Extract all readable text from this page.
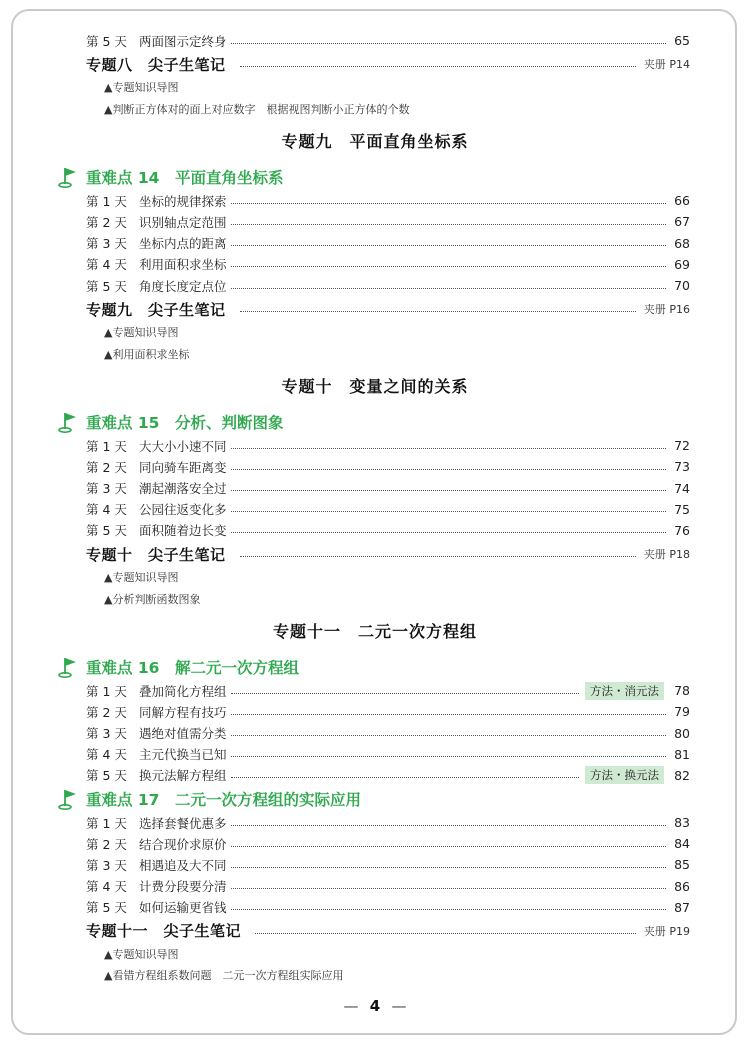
第 5 天 两面图示定终身	65
专题八　尖子生笔记	夹册 P14
▲专题知识导图
▲判断正方体对的面上对应数字　根据视图判断小正方体的个数
专题九　平面直角坐标系
重难点 14　平面直角坐标系
第 1 天 坐标的规律探索	66
第 2 天 识别轴点定范围	67
第 3 天 坐标内点的距离	68
第 4 天 利用面积求坐标	69
第 5 天 角度长度定点位	70
专题九　尖子生笔记	夹册 P16
▲专题知识导图
▲利用面积求坐标
专题十　变量之间的关系
重难点 15　分析、判断图象
第 1 天 大大小小速不同	72
第 2 天 同向骑车距离变	73
第 3 天 潮起潮落安全过	74
第 4 天 公园往返变化多	75
第 5 天 面积随着边长变	76
专题十　尖子生笔记	夹册 P18
▲专题知识导图
▲分析判断函数图象
专题十一　二元一次方程组
重难点 16　解二元一次方程组
第 1 天 叠加简化方程组	方法・消元法	78
第 2 天 同解方程有技巧	79
第 3 天 遇绝对值需分类	80
第 4 天 主元代换当已知	81
第 5 天 换元法解方程组	方法・换元法	82
重难点 17　二元一次方程组的实际应用
第 1 天 选择套餐优惠多	83
第 2 天 结合现价求原价	84
第 3 天 相遇追及大不同	85
第 4 天 计费分段要分清	86
第 5 天 如何运输更省钱	87
专题十一　尖子生笔记	夹册 P19
▲专题知识导图
▲看错方程组系数问题　二元一次方程组实际应用
— 4 —
